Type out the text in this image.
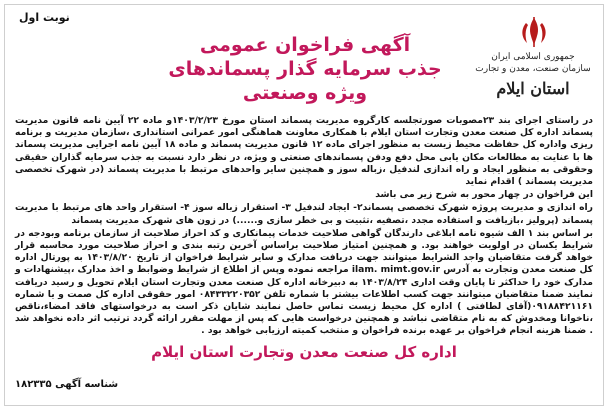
نوبت اول
جمهوری اسلامی ایران
سازمان صنعت، معدن و تجارت
استان ایلام
آگهی فراخوان عمومی
جذب سرمایه گذار پسماندهای ویژه وصنعتی

در راستای اجرای بند ۲۳مصوبات صورتجلسه کارگروه مدیریت پسماند استان مورخ ۱۴۰۳/۲/۲۳و ماده ۲۲ آیین نامه قانون مدیریت پسماند اداره کل صنعت معدن وتجارت استان ایلام با همکاری معاونت هماهنگی امور عمرانی استانداری ،سازمان مدیریت و برنامه ریزی واداره کل حفاظت محیط زیست به منظور اجرای ماده ۱۲ قانون مدیریت پسماند و ماده ۱۸ آیین نامه اجرایی مدیریت پسماند ها با عنایت به مطالعات مکان یابی محل دفع ودفن پسماندهای صنعتی و ویژه، در نظر دارد نسبت به جذب سرمایه گذاران حقیقی وحقوقی به منظور ایجاد و راه اندازی لندفیل ،زباله سوز و همچنین سایر واحدهای مرتبط با مدیریت پسماند (در شهرک تخصصی مدیریت پسماند ) اقدام نماید

این فراخوان در چهار محور به شرح زیر می باشد

راه اندازی و مدیریت پروژه شهرک تخصصی پسماند۲- ایجاد لندفیل ۳- استقرار زباله سوز ۴- استقرار واحد های مرتبط با مدیریت پسماند (پرولیز ،بازیافت و استفاده مجدد ،تصفیه ،تثبیت و بی خطر سازی و......) در زون های شهرک مدیریت پسماند

بر اساس بند ۱ الف شیوه نامه ابلاغی دارندگان گواهی صلاحیت خدمات پیمانکاری و کد احراز صلاحیت از سازمان برنامه وبودجه در شرایط یکسان در اولویت خواهند بود. و همچنین امتیاز صلاحیت براساس آخرین رتبه بندی و احراز صلاحیت مورد محاسبه قرار خواهد گرفت متقاضیان واجد الشرایط میتوانند جهت دریافت مدارک و سایر شرایط فراخوان از تاریخ ۱۴۰۳/۸/۲۰ به پورتال اداره کل صنعت معدن وتجارت به آدرس ilam. mimt.gov.ir مراجعه نموده وپس از اطلاع از شرایط وضوابط و اخذ مدارک ،پیشنهادات و مدارک خود را حداکثر تا پایان وقت اداری ۱۴۰۳/۸/۲۴ به دبیرخانه اداره کل صنعت معدن وتجارت استان ایلام تحویل و رسید دریافت نمایند ضمنا متقاضیان میتوانند جهت کسب اطلاعات بیشتر با شماره تلفن ۰۸۴۳۳۲۲۰۳۵۲ امور حقوقی اداره کل صمت و یا شماره ۰۹۱۸۸۴۲۱۱۶۱(آقای لطافتی ) اداره کل محیط زیست تماس حاصل نمایند شایان ذکر است به درخواستهای فاقد امضاء،ناقص ،ناخوانا ومخدوش که به نام متقاضی نباشد و همچنین درخواست هایی که پس از مهلت مقرر ارائه گردد ترتیب اثر داده نخواهد شد . ضمنا هزینه انجام فراخوان بر عهده برنده فراخوان و منتخب کمیته ارزیابی خواهد بود .

اداره کل صنعت معدن وتجارت استان ایلام
شناسه آگهی ۱۸۲۳۳۵
